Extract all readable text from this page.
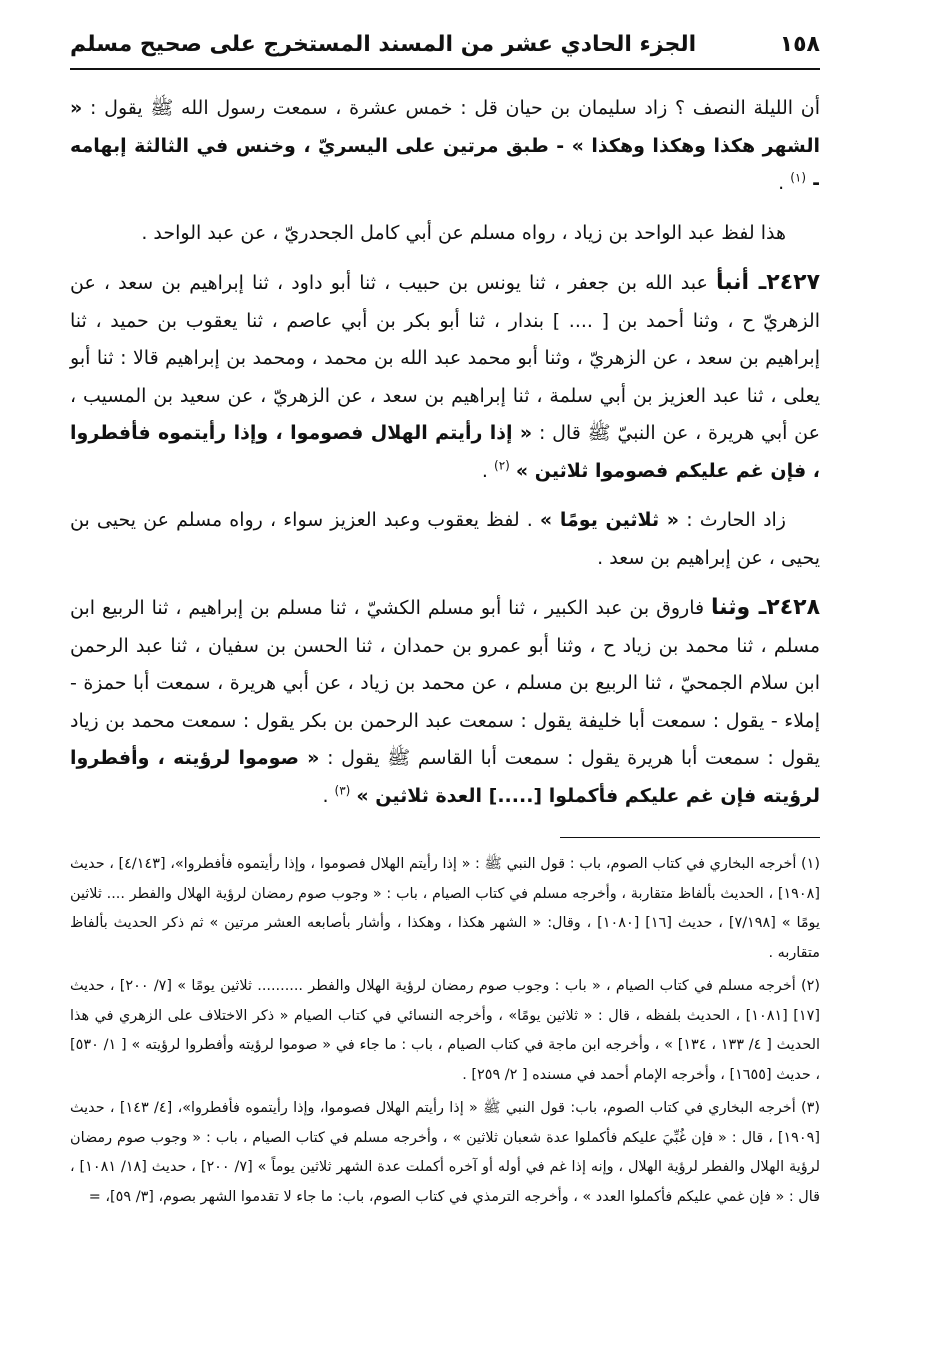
١٥٨
الجزء الحادي عشر من المسند المستخرج على صحيح مسلم

أن الليلة النصف ؟ زاد سليمان بن حيان قل : خمس عشرة ، سمعت رسول الله ﷺ يقول : « الشهر هكذا وهكذا وهكذا » - طبق مرتين على اليسريّ ، وخنس في الثالثة إبهامه - $^{(١)}$ .

هذا لفظ عبد الواحد بن زياد ، رواه مسلم عن أبي كامل الجحدريّ ، عن عبد الواحد .

٢٤٢٧ـ أنبأ عبد الله بن جعفر ، ثنا يونس بن حبيب ، ثنا أبو داود ، ثنا إبراهيم بن سعد ، عن الزهريّ ح ، وثنا أحمد بن [ .... ] بندار ، ثنا أبو بكر بن أبي عاصم ، ثنا يعقوب بن حميد ، ثنا إبراهيم بن سعد ، عن الزهريّ ، وثنا أبو محمد عبد الله بن محمد ، ومحمد بن إبراهيم قالا : ثنا أبو يعلى ، ثنا عبد العزيز بن أبي سلمة ، ثنا إبراهيم بن سعد ، عن الزهريّ ، عن سعيد بن المسيب ، عن أبي هريرة ، عن النبيّ ﷺ قال : « إذا رأيتم الهلال فصوموا ، وإذا رأيتموه فأفطروا ، فإن غم عليكم فصوموا ثلاثين » $^{(٢)}$ .

زاد الحارث : « ثلاثين يومًا » . لفظ يعقوب وعبد العزيز سواء ، رواه مسلم عن يحيى بن يحيى ، عن إبراهيم بن سعد .

٢٤٢٨ـ وثنا فاروق بن عبد الكبير ، ثنا أبو مسلم الكشيّ ، ثنا مسلم بن إبراهيم ، ثنا الربيع ابن مسلم ، ثنا محمد بن زياد ح ، وثنا أبو عمرو بن حمدان ، ثنا الحسن بن سفيان ، ثنا عبد الرحمن ابن سلام الجمحيّ ، ثنا الربيع بن مسلم ، عن محمد بن زياد ، عن أبي هريرة ، سمعت أبا حمزة - إملاء - يقول : سمعت أبا خليفة يقول : سمعت عبد الرحمن بن بكر يقول : سمعت محمد بن زياد يقول : سمعت أبا هريرة يقول : سمعت أبا القاسم ﷺ يقول : « صوموا لرؤيته ، وأفطروا لرؤيته فإن غم عليكم فأكملوا [.....] العدة ثلاثين » $^{(٣)}$ .

(١) أخرجه البخاري في كتاب الصوم، باب : قول النبي ﷺ : « إذا رأيتم الهلال فصوموا ، وإذا رأيتموه فأفطروا»، [٤/١٤٣] ، حديث [١٩٠٨] ، الحديث بألفاظ متقاربة ، وأخرجه مسلم في كتاب الصيام ، باب : « وجوب صوم رمضان لرؤية الهلال والفطر .... ثلاثين يومًا » [٧/١٩٨] ، حديث [١٦] [١٠٨٠] ، وقال: « الشهر هكذا ، وهكذا ، وأشار بأصابعه العشر مرتين » ثم ذكر الحديث بألفاظ متقاربه .

(٢) أخرجه مسلم في كتاب الصيام ، « باب : وجوب صوم رمضان لرؤية الهلال والفطر .......... ثلاثين يومًا » [٧/ ٢٠٠] ، حديث [١٧] [١٠٨١] ، الحديث بلفظه ، قال : « ثلاثين يومًا» ، وأخرجه النسائي في كتاب الصيام « ذكر الاختلاف على الزهري في هذا الحديث [ ٤/ ١٣٣ ، ١٣٤] » ، وأخرجه ابن ماجة في كتاب الصيام ، باب : ما جاء في « صوموا لرؤيته وأفطروا لرؤيته » [ ١/ ٥٣٠] ، حديث [١٦٥٥] ، وأخرجه الإمام أحمد في مسنده [ ٢/ ٢٥٩] .

(٣) أخرجه البخاري في كتاب الصوم، باب: قول النبي ﷺ « إذا رأيتم الهلال فصوموا، وإذا رأيتموه فأفطروا»، [٤/ ١٤٣] ، حديث [١٩٠٩] ، قال : « فإن غُبِّيَ عليكم فأكملوا عدة شعبان ثلاثين » ، وأخرجه مسلم في كتاب الصيام ، باب : « وجوب صوم رمضان لرؤية الهلال والفطر لرؤية الهلال ، وإنه إذا غم في أوله أو آخره أكملت عدة الشهر ثلاثين يوماً » [٧/ ٢٠٠] ، حديث [١٨/ ١٠٨١] ، قال : « فإن غمي عليكم فأكملوا العدد » ، وأخرجه الترمذي في كتاب الصوم، باب: ما جاء لا تقدموا الشهر بصوم، [٣/ ٥٩]، =
